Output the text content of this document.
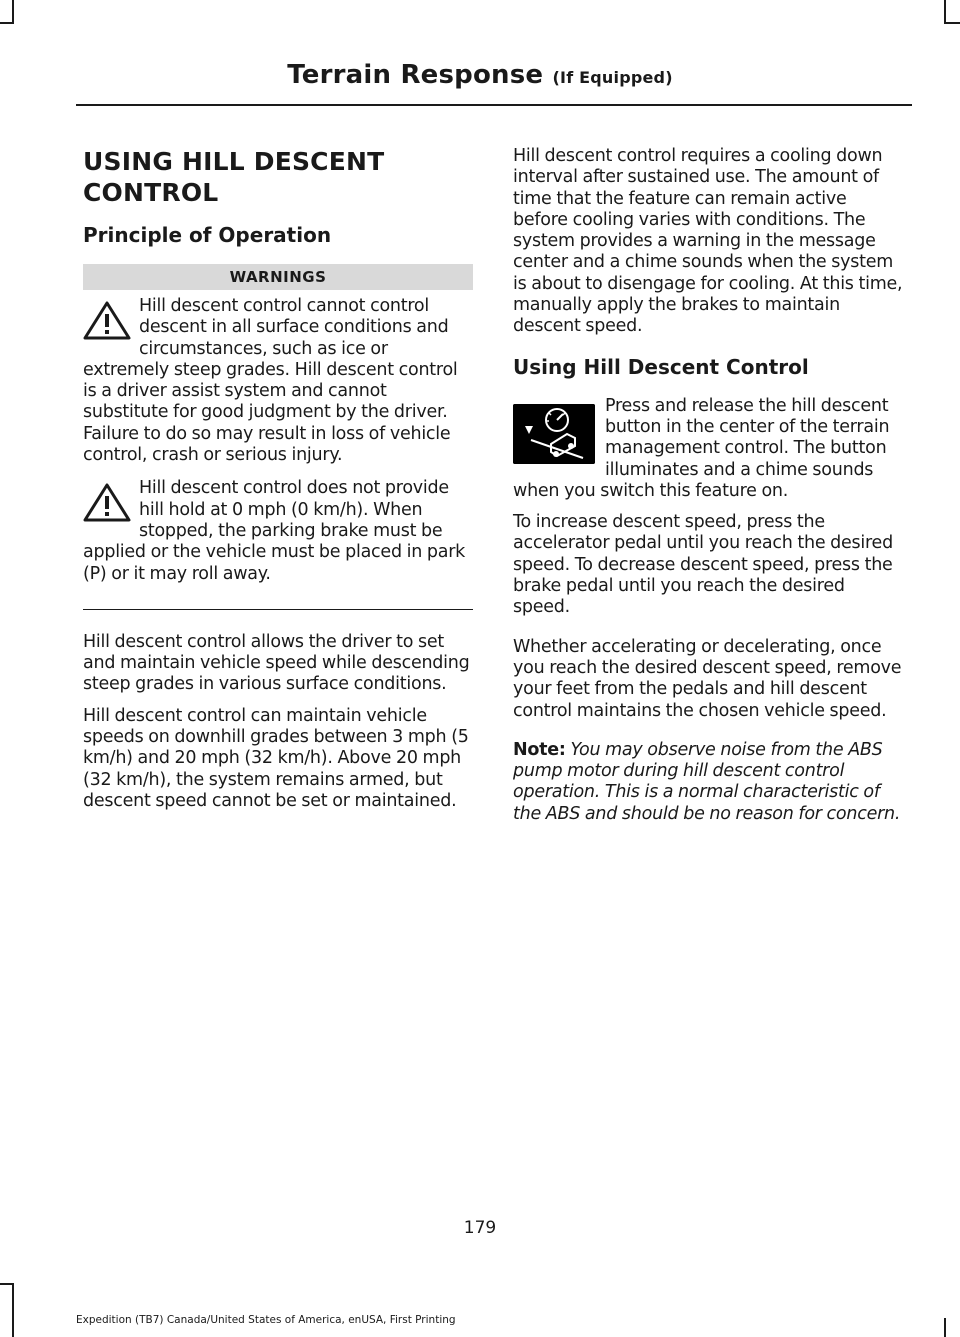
Terrain Response (If Equipped)
USING HILL DESCENT
CONTROL
Principle of Operation
WARNINGS

Hill descent control cannot control descent in all surface conditions and circumstances, such as ice or extremely steep grades. Hill descent control is a driver assist system and cannot substitute for good judgment by the driver. Failure to do so may result in loss of vehicle control, crash or serious injury.

Hill descent control does not provide hill hold at 0 mph (0 km/h). When stopped, the parking brake must be applied or the vehicle must be placed in park (P) or it may roll away.

Hill descent control allows the driver to set and maintain vehicle speed while descending steep grades in various surface conditions.

Hill descent control can maintain vehicle speeds on downhill grades between 3 mph (5 km/h) and 20 mph (32 km/h). Above 20 mph (32 km/h), the system remains armed, but descent speed cannot be set or maintained.

Hill descent control requires a cooling down interval after sustained use. The amount of time that the feature can remain active before cooling varies with conditions. The system provides a warning in the message center and a chime sounds when the system is about to disengage for cooling. At this time, manually apply the brakes to maintain descent speed.

Using Hill Descent Control

Press and release the hill descent button in the center of the terrain management control. The button illuminates and a chime sounds when you switch this feature on.

To increase descent speed, press the accelerator pedal until you reach the desired speed. To decrease descent speed, press the brake pedal until you reach the desired speed.

Whether accelerating or decelerating, once you reach the desired descent speed, remove your feet from the pedals and hill descent control maintains the chosen vehicle speed.

Note: You may observe noise from the ABS pump motor during hill descent control operation. This is a normal characteristic of the ABS and should be no reason for concern.

179
Expedition (TB7) Canada/United States of America, enUSA, First Printing
